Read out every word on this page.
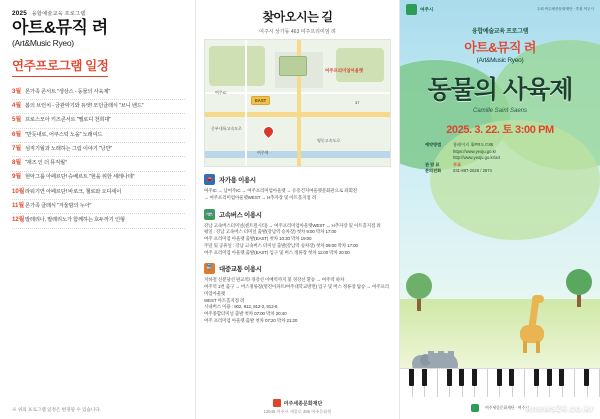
2025 융합예술교육 프로그램
아트&뮤직 려
(Art&Music Ryeo)
연주프로그램 일정
3월 몬가족 콘서트 "생상스 - 동물의 사육제"
4월 봄의 브런치 - 금관악기와 듀엣! 모던클래식 "브니 밴드"
5월 프로스모아 키즈콘서트 "멜로디 천희대"
6월 "반듯내로, 어쿠스틱 노을" 노래여드
7월 섬직기월과 노래하는 그림 이야기 "낭만"
8월 "재즈 인 더 뮤직월"
9월 현악그룹 아페르단! 슈베르트 "현을 위한 세레나데"
10월 라워기연 아페르단! 바로크, 첼로와 오디세이
11월 몬가족 클래식 "겨울밤의 누아"
12월 발레리나, 발레리노가 함께하는 호두까기 인형
※ 위의 프로그램 일정은 변경될 수 있습니다.
찾아오시는 길
여주시 상가동 463 여주프리미엄 려
EAST
여주프리미엄아울렛
여주IC
영동고속도로
중부내륙고속도로
여주역
37
🚗 자가용 이용시
여주IC → 남여주IC → 여주프리미엄아울렛 → 유흥건지여울렛문화관으로 좌회전
→ 여주프리미엄아울렛WEST → H추자장 및 아트홀지점 려
🚌 고속버스 이용시
강남 고속버스터미널(센트럴시티) → 여주프리미엄아울렛WEST → H추자장 및 아트홀지점 려
평일 : 강남 고속버스 터미널 출발(강남역 승차장) 첫차 9:00 막차 17:00
여주 프리미엄 아울렛 출발(EAST) 첫차 10:30 막차 19:00
주말 및 공휴일 : 강남 고속버스 터미널 출발(강남역 승차장) 첫차 09:00 막차 17:00
여주 프리미엄 아울렛 출발(EAST) 입구 및 버스 정류장 첫차 11:00 막차 20:00
🚆 대중교통 이용시
지하철 신분당선 판교역/ 경강선 이매역까지 및 경강선 환승 → 여주역 하차
여주역 1번 출구 → 버스정류장(명진아파트/여주대학교방면) 입구 및 버스 정류장 탑승 → 여주프리미엄아울렛
WEST 아트홀지점 려
시내버스 이용 : 902, 912, 912-2, 912-6
여주종합터미널 출발 첫차 07:00 막차 20:40
여주 프리미엄 아울렛 출발 첫차 07:20 막차 21:20
여주세종문화재단
13646 여주시 세종로 465 여주문화원
여주시	주최 여주세종문화재단 · 후원 여주시
융합예술교육 프로그램
아트&뮤직 려
(Art&Music Ryeo)
동물의 사육제
Camille Saint Saens
2025. 3. 22. 토 3:00 PM
예약방법	홈페이지 事PR도르86
https://www.yeoju.go.kr
http://www.yeoju.go.kr/art
관 람 료	무료
문의전화	031-887-2628 / 2674
여주세종문화재단 · 여주시
knews24.co.kr
